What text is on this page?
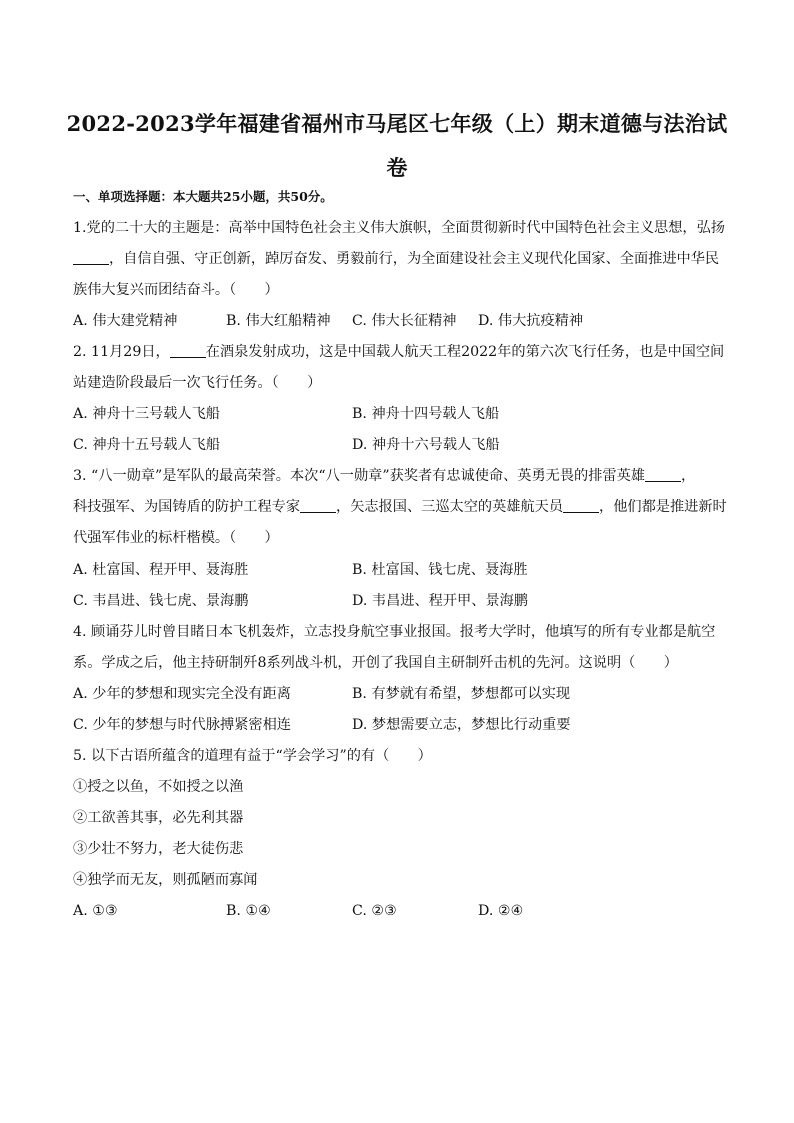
2022-2023学年福建省福州市马尾区七年级（上）期末道德与法治试
卷
一、单项选择题：本大题共25小题，共50分。
1.党的二十大的主题是：高举中国特色社会主义伟大旗帜，全面贯彻新时代中国特色社会主义思想，弘扬
，自信自强、守正创新，踔厉奋发、勇毅前行，为全面建设社会主义现代化国家、全面推进中华民
族伟大复兴而团结奋斗。（　　）
A. 伟大建党精神	B. 伟大红船精神 C. 伟大长征精神 D. 伟大抗疫精神
2. 11月29日，	在酒泉发射成功，这是中国载人航天工程2022年的第六次飞行任务，也是中国空间
站建造阶段最后一次飞行任务。（　　）
A. 神舟十三号载人飞船	B. 神舟十四号载人飞船
C. 神舟十五号载人飞船	D. 神舟十六号载人飞船
3. “八一勋章”是军队的最高荣誉。本次“八一勋章”获奖者有忠诚使命、英勇无畏的排雷英雄	，
科技强军、为国铸盾的防护工程专家	，矢志报国、三巡太空的英雄航天员	，他们都是推进新时
代强军伟业的标杆楷模。（　　）
A. 杜富国、程开甲、聂海胜	B. 杜富国、钱七虎、聂海胜
C. 韦昌进、钱七虎、景海鹏	D. 韦昌进、程开甲、景海鹏
4. 顾诵芬儿时曾目睹日本飞机轰炸，立志投身航空事业报国。报考大学时，他填写的所有专业都是航空
系。学成之后，他主持研制歼8系列战斗机，开创了我国自主研制歼击机的先河。这说明（　　）
A. 少年的梦想和现实完全没有距离	B. 有梦就有希望，梦想都可以实现
C. 少年的梦想与时代脉搏紧密相连	D. 梦想需要立志，梦想比行动重要
5. 以下古语所蕴含的道理有益于“学会学习”的有（　　）
①授之以鱼，不如授之以渔
②工欲善其事，必先利其器
③少壮不努力，老大徒伤悲
④独学而无友，则孤陋而寡闻
A. ①③	B. ①④	C. ②③	D. ②④
